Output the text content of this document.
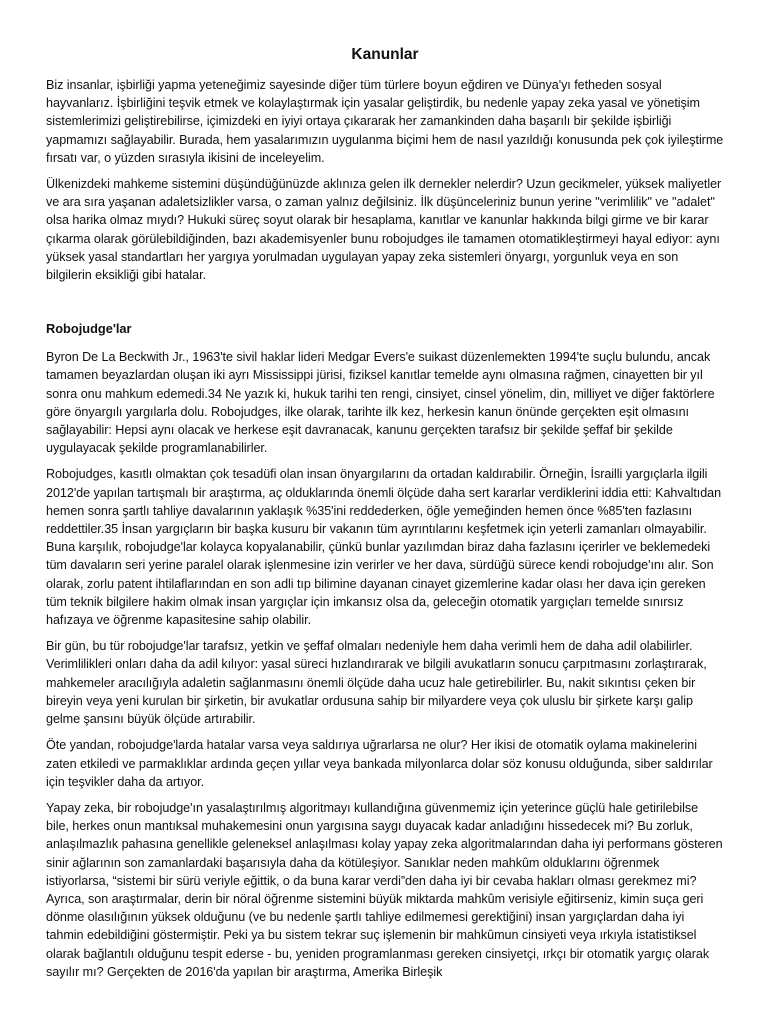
Kanunlar

Biz insanlar, işbirliği yapma yeteneğimiz sayesinde diğer tüm türlere boyun eğdiren ve Dünya'yı fetheden sosyal hayvanlarız. İşbirliğini teşvik etmek ve kolaylaştırmak için yasalar geliştirdik, bu nedenle yapay zeka yasal ve yönetişim sistemlerimizi geliştirebilirse, içimizdeki en iyiyi ortaya çıkararak her zamankinden daha başarılı bir şekilde işbirliği yapmamızı sağlayabilir. Burada, hem yasalarımızın uygulanma biçimi hem de nasıl yazıldığı konusunda pek çok iyileştirme fırsatı var, o yüzden sırasıyla ikisini de inceleyelim.

Ülkenizdeki mahkeme sistemini düşündüğünüzde aklınıza gelen ilk dernekler nelerdir? Uzun gecikmeler, yüksek maliyetler ve ara sıra yaşanan adaletsizlikler varsa, o zaman yalnız değilsiniz. İlk düşünceleriniz bunun yerine "verimlilik" ve "adalet" olsa harika olmaz mıydı? Hukuki süreç soyut olarak bir hesaplama, kanıtlar ve kanunlar hakkında bilgi girme ve bir karar çıkarma olarak görülebildiğinden, bazı akademisyenler bunu robojudges ile tamamen otomatikleştirmeyi hayal ediyor: aynı yüksek yasal standartları her yargıya yorulmadan uygulayan yapay zeka sistemleri önyargı, yorgunluk veya en son bilgilerin eksikliği gibi hatalar.

Robojudge'lar

Byron De La Beckwith Jr., 1963'te sivil haklar lideri Medgar Evers'e suikast düzenlemekten 1994'te suçlu bulundu, ancak tamamen beyazlardan oluşan iki ayrı Mississippi jürisi, fiziksel kanıtlar temelde aynı olmasına rağmen, cinayetten bir yıl sonra onu mahkum edemedi.34 Ne yazık ki, hukuk tarihi ten rengi, cinsiyet, cinsel yönelim, din, milliyet ve diğer faktörlere göre önyargılı yargılarla dolu. Robojudges, ilke olarak, tarihte ilk kez, herkesin kanun önünde gerçekten eşit olmasını sağlayabilir: Hepsi aynı olacak ve herkese eşit davranacak, kanunu gerçekten tarafsız bir şekilde şeffaf bir şekilde uygulayacak şekilde programlanabilirler.

Robojudges, kasıtlı olmaktan çok tesadüfi olan insan önyargılarını da ortadan kaldırabilir. Örneğin, İsrailli yargıçlarla ilgili 2012'de yapılan tartışmalı bir araştırma, aç olduklarında önemli ölçüde daha sert kararlar verdiklerini iddia etti: Kahvaltıdan hemen sonra şartlı tahliye davalarının yaklaşık %35'ini reddederken, öğle yemeğinden hemen önce %85'ten fazlasını reddettiler.35 İnsan yargıçların bir başka kusuru bir vakanın tüm ayrıntılarını keşfetmek için yeterli zamanları olmayabilir. Buna karşılık, robojudge'lar kolayca kopyalanabilir, çünkü bunlar yazılımdan biraz daha fazlasını içerirler ve beklemedeki tüm davaların seri yerine paralel olarak işlenmesine izin verirler ve her dava, sürdüğü sürece kendi robojudge'ını alır. Son olarak, zorlu patent ihtilaflarından en son adli tıp bilimine dayanan cinayet gizemlerine kadar olası her dava için gereken tüm teknik bilgilere hakim olmak insan yargıçlar için imkansız olsa da, geleceğin otomatik yargıçları temelde sınırsız hafızaya ve öğrenme kapasitesine sahip olabilir.

Bir gün, bu tür robojudge'lar tarafsız, yetkin ve şeffaf olmaları nedeniyle hem daha verimli hem de daha adil olabilirler. Verimlilikleri onları daha da adil kılıyor: yasal süreci hızlandırarak ve bilgili avukatların sonucu çarpıtmasını zorlaştırarak, mahkemeler aracılığıyla adaletin sağlanmasını önemli ölçüde daha ucuz hale getirebilirler. Bu, nakit sıkıntısı çeken bir bireyin veya yeni kurulan bir şirketin, bir avukatlar ordusuna sahip bir milyardere veya çok uluslu bir şirkete karşı galip gelme şansını büyük ölçüde artırabilir.

Öte yandan, robojudge'larda hatalar varsa veya saldırıya uğrarlarsa ne olur? Her ikisi de otomatik oylama makinelerini zaten etkiledi ve parmaklıklar ardında geçen yıllar veya bankada milyonlarca dolar söz konusu olduğunda, siber saldırılar için teşvikler daha da artıyor.

Yapay zeka, bir robojudge'ın yasalaştırılmış algoritmayı kullandığına güvenmemiz için yeterince güçlü hale getirilebilse bile, herkes onun mantıksal muhakemesini onun yargısına saygı duyacak kadar anladığını hissedecek mi? Bu zorluk, anlaşılmazlık pahasına genellikle geleneksel anlaşılması kolay yapay zeka algoritmalarından daha iyi performans gösteren sinir ağlarının son zamanlardaki başarısıyla daha da kötüleşiyor. Sanıklar neden mahkûm olduklarını öğrenmek istiyorlarsa, “sistemi bir sürü veriyle eğittik, o da buna karar verdi”den daha iyi bir cevaba hakları olması gerekmez mi? Ayrıca, son araştırmalar, derin bir nöral öğrenme sistemini büyük miktarda mahkûm verisiyle eğitirseniz, kimin suça geri dönme olasılığının yüksek olduğunu (ve bu nedenle şartlı tahliye edilmemesi gerektiğini) insan yargıçlardan daha iyi tahmin edebildiğini göstermiştir. Peki ya bu sistem tekrar suç işlemenin bir mahkûmun cinsiyeti veya ırkıyla istatistiksel olarak bağlantılı olduğunu tespit ederse - bu, yeniden programlanması gereken cinsiyetçi, ırkçı bir otomatik yargıç olarak sayılır mı? Gerçekten de 2016'da yapılan bir araştırma, Amerika Birleşik
